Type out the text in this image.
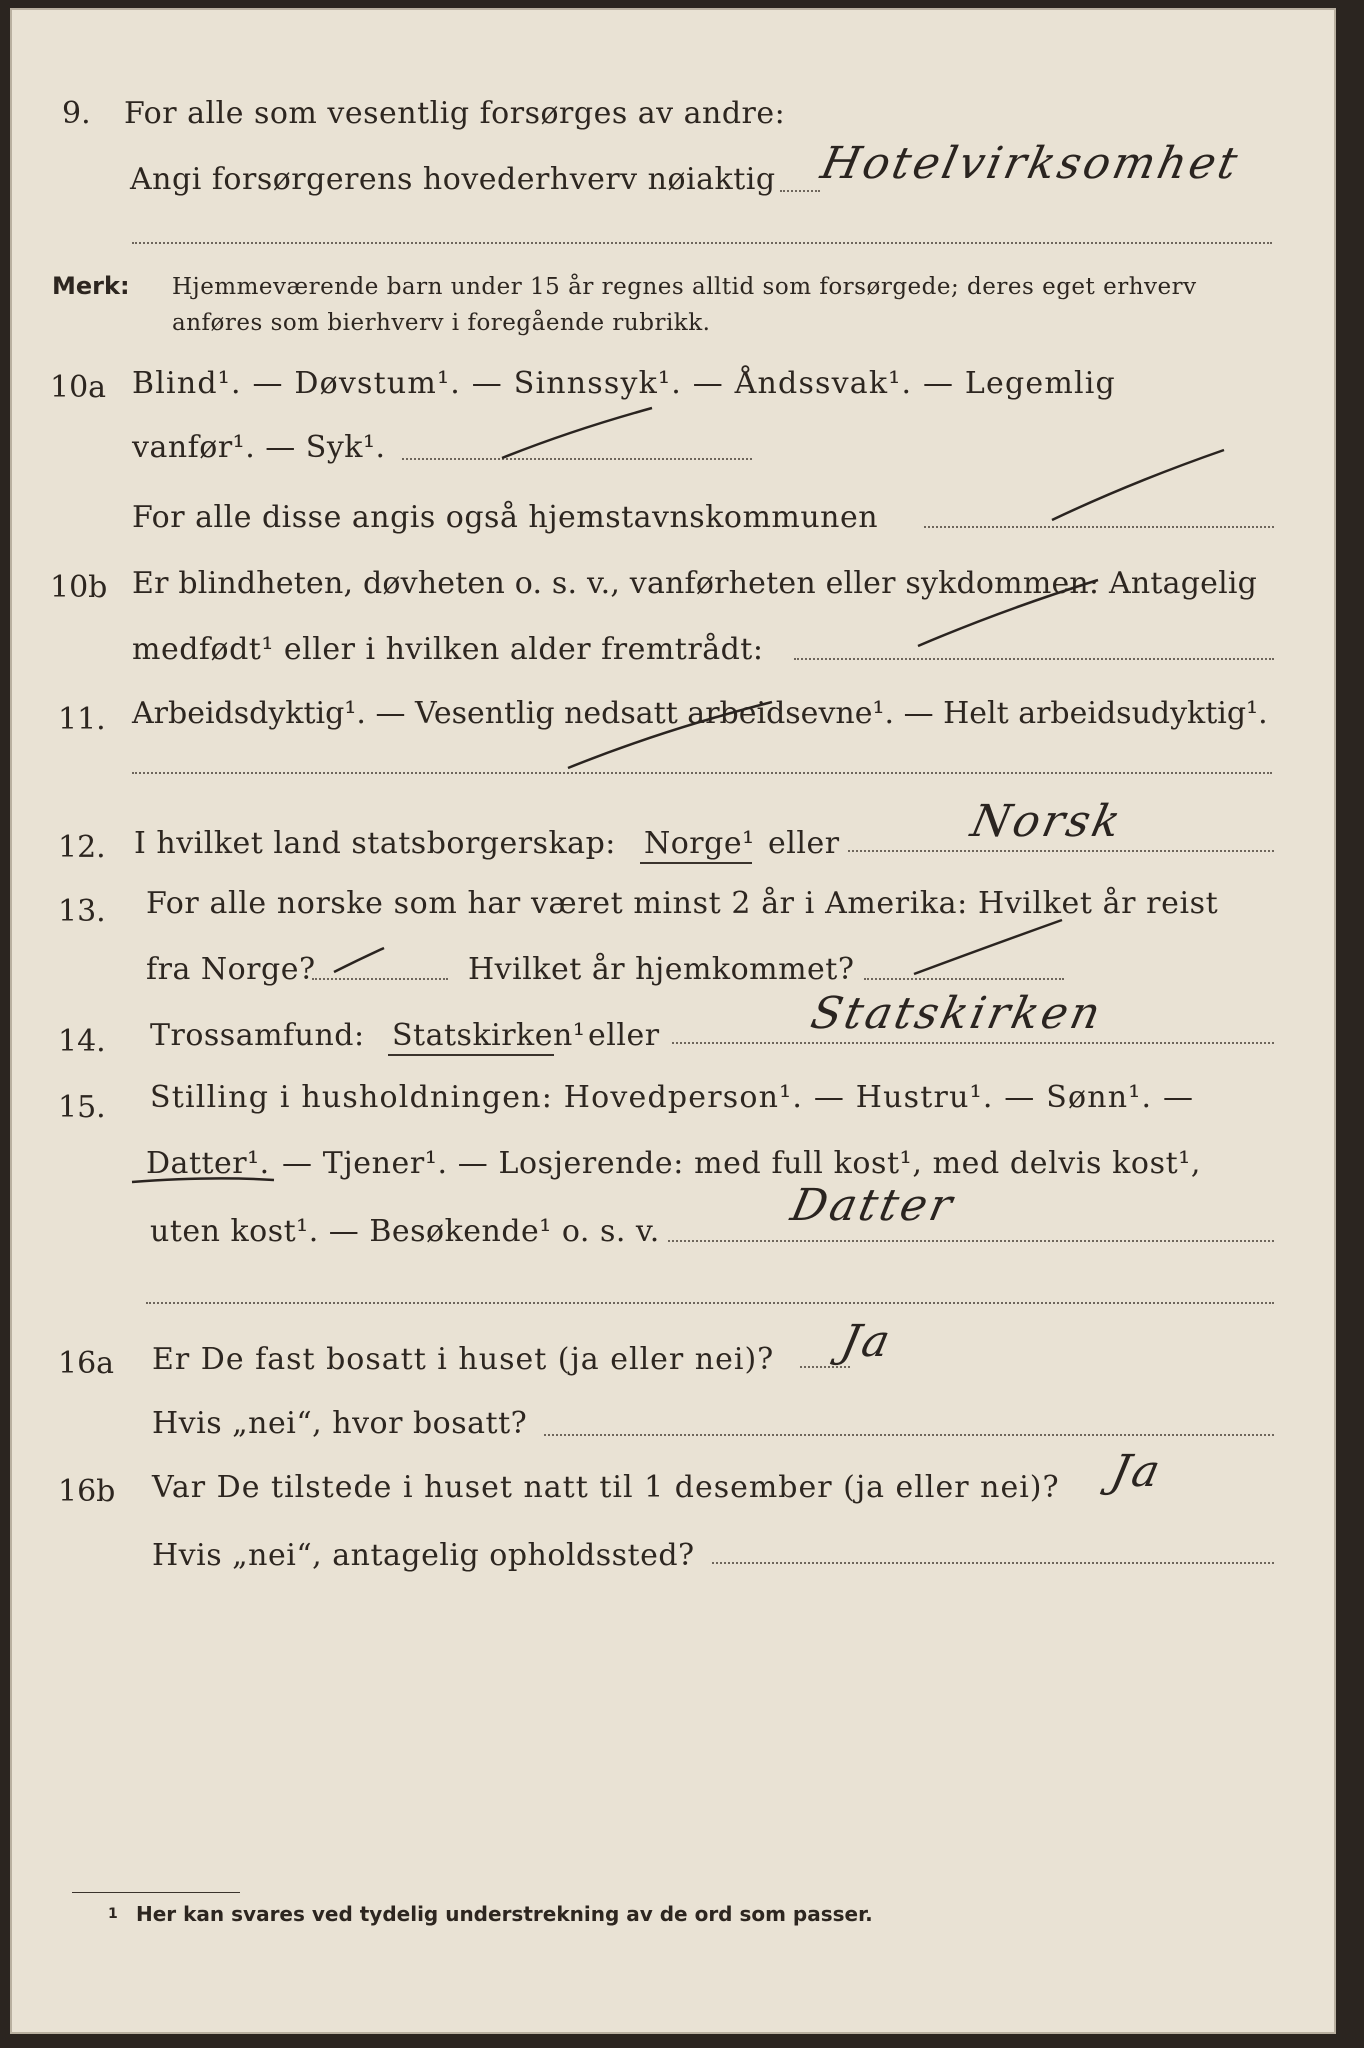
9. For alle som vesentlig forsørges av andre:
Angi forsørgerens hovederhverv nøiaktig Hotelvirksomhet
Merk: Hjemmeværende barn under 15 år regnes alltid som forsørgede; deres eget erhverv
anføres som bierhverv i foregående rubrikk.
10a Blind¹. — Døvstum¹. — Sinnssyk¹. — Åndssvak¹. — Legemlig
vanfør¹. — Syk¹.
For alle disse angis også hjemstavnskommunen
10b Er blindheten, døvheten o. s. v., vanførheten eller sykdommen: Antagelig
medfødt¹ eller i hvilken alder fremtrådt:
11. Arbeidsdyktig¹. — Vesentlig nedsatt arbeidsevne¹. — Helt arbeidsudyktig¹.
12. I hvilket land statsborgerskap: Norge¹ eller	Norsk
13. For alle norske som har været minst 2 år i Amerika: Hvilket år reist
fra Norge?	Hvilket år hjemkommet?
14. Trossamfund: Statskirken¹ eller	Statskirken
15. Stilling i husholdningen: Hovedperson¹. — Hustru¹. — Sønn¹. —
Datter¹. — Tjener¹. — Losjerende: med full kost¹, med delvis kost¹,
uten kost¹. — Besøkende¹ o. s. v.
Datter
16a Er De fast bosatt i huset (ja eller nei)? Ja
Hvis „nei“, hvor bosatt?
16b Var De tilstede i huset natt til 1 desember (ja eller nei)? Ja
Hvis „nei“, antagelig opholdssted?
1 Her kan svares ved tydelig understrekning av de ord som passer.
